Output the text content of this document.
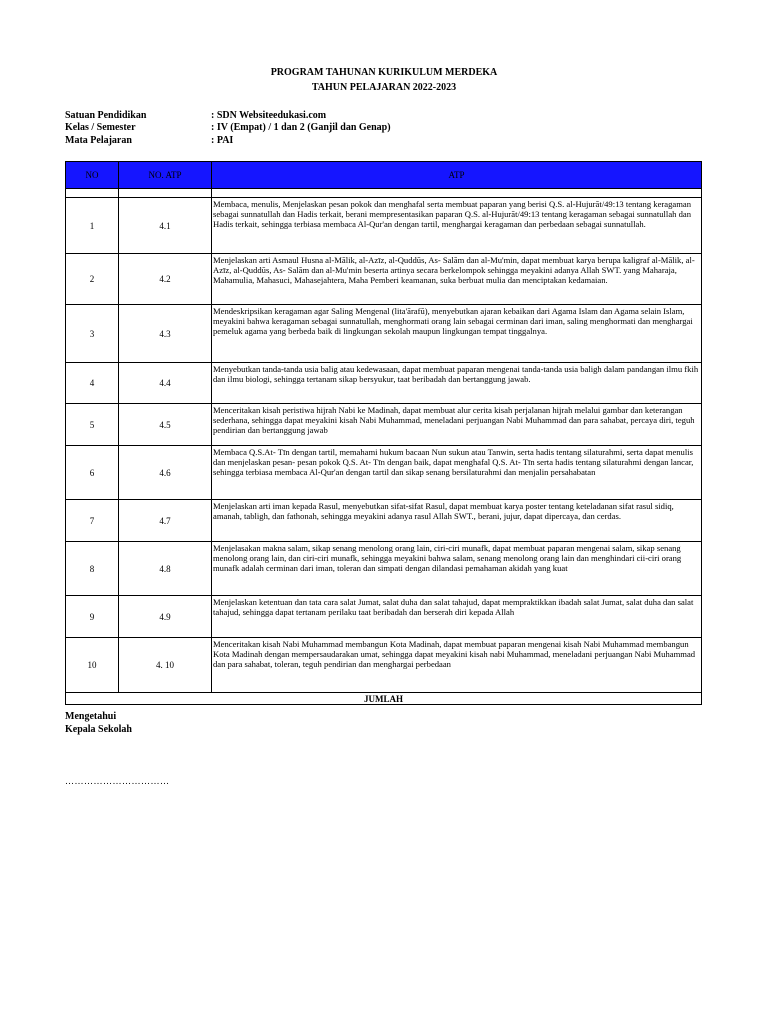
PROGRAM TAHUNAN KURIKULUM MERDEKA
TAHUN PELAJARAN 2022-2023
Satuan Pendidikan	: SDN Websiteedukasi.com
Kelas / Semester	: IV (Empat) / 1 dan 2 (Ganjil dan Genap)
Mata Pelajaran	: PAI
NO	NO. ATP	ATP

1	4.1	Membaca, menulis, Menjelaskan pesan pokok dan menghafal serta membuat paparan yang berisi Q.S. al-Hujurāt/49:13 tentang keragaman sebagai sunnatullah dan Hadis terkait, berani mempresentasikan paparan Q.S. al-Hujurāt/49:13 tentang keragaman sebagai sunnatullah dan Hadis terkait, sehingga terbiasa membaca Al-Qur'an dengan tartil, menghargai keragaman dan perbedaan sebagai sunnatullah.
2	4.2	Menjelaskan arti Asmaul Husna al-Mālik, al-Azīz, al-Quddūs, As- Salām dan al-Mu'min, dapat membuat karya berupa kaligraf al-Mālik, al-Azīz, al-Quddūs, As- Salām dan al-Mu'min beserta artinya secara berkelompok sehingga meyakini adanya Allah SWT. yang Maharaja, Mahamulia, Mahasuci, Mahasejahtera, Maha Pemberi keamanan, suka berbuat mulia dan menciptakan kedamaian.
3	4.3	Mendeskripsikan keragaman agar Saling Mengenal (lita'ārafū), menyebutkan ajaran kebaikan dari Agama Islam dan Agama selain Islam, meyakini bahwa keragaman sebagai sunnatullah, menghormati orang lain sebagai cerminan dari iman, saling menghormati dan menghargai pemeluk agama yang berbeda baik di lingkungan sekolah maupun lingkungan tempat tinggalnya.
4	4.4	Menyebutkan tanda-tanda usia balig atau kedewasaan, dapat membuat paparan mengenai tanda-tanda usia baligh dalam pandangan ilmu fkih dan ilmu biologi, sehingga tertanam sikap bersyukur, taat beribadah dan bertanggung jawab.
5	4.5	Menceritakan kisah peristiwa hijrah Nabi ke Madinah, dapat membuat alur cerita kisah perjalanan hijrah melalui gambar dan keterangan sederhana, sehingga dapat meyakini kisah Nabi Muhammad, meneladani perjuangan Nabi Muhammad dan para sahabat, percaya diri, teguh pendirian dan bertanggung jawab
6	4.6	Membaca Q.S.At- Tīn dengan tartil, memahami hukum bacaan Nun sukun atau Tanwin, serta hadis tentang silaturahmi, serta dapat menulis dan menjelaskan pesan- pesan pokok Q.S. At- Tīn dengan baik, dapat menghafal Q.S. At- Tīn serta hadis tentang silaturahmi dengan lancar, sehingga terbiasa membaca Al-Qur'an dengan tartil dan sikap senang bersilaturahmi dan menjalin persahabatan
7	4.7	Menjelaskan arti iman kepada Rasul, menyebutkan sifat-sifat Rasul, dapat membuat karya poster tentang keteladanan sifat rasul sidiq, amanah, tabligh, dan fathonah, sehingga meyakini adanya rasul Allah SWT., berani, jujur, dapat dipercaya, dan cerdas.
8	4.8	Menjelasakan makna salam, sikap senang menolong orang lain, ciri-ciri munafk, dapat membuat paparan mengenai salam, sikap senang menolong orang lain, dan ciri-ciri munafk, sehingga meyakini bahwa salam, senang menolong orang lain dan menghindari cii-ciri orang munafk adalah cerminan dari iman, toleran dan simpati dengan dilandasi pemahaman akidah yang kuat
9	4.9	Menjelaskan ketentuan dan tata cara salat Jumat, salat duha dan salat tahajud, dapat mempraktikkan ibadah salat Jumat, salat duha dan salat tahajud, sehingga dapat tertanam perilaku taat beribadah dan berserah diri kepada Allah
10	4. 10	Menceritakan kisah Nabi Muhammad membangun Kota Madinah, dapat membuat paparan mengenai kisah Nabi Muhammad membangun Kota Madinah dengan mempersaudarakan umat, sehingga dapat meyakini kisah nabi Muhammad, meneladani perjuangan Nabi Muhammad dan para sahabat, toleran, teguh pendirian dan menghargai perbedaan
JUMLAH		
Mengetahui
Kepala Sekolah
……………………………
